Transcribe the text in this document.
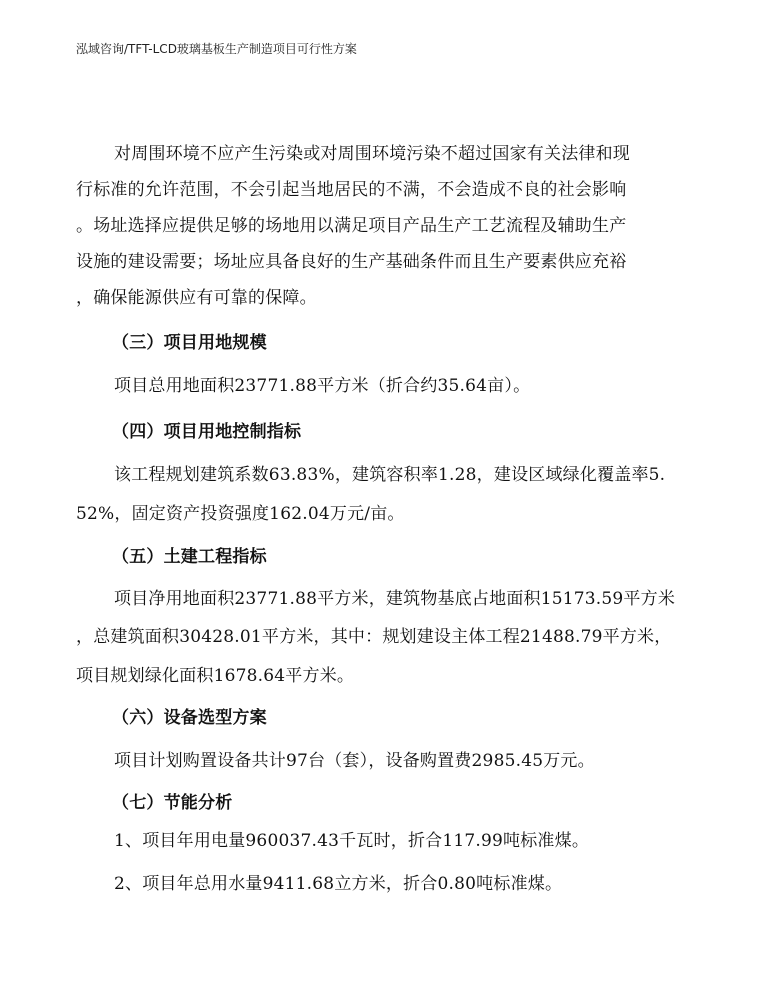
泓域咨询/TFT-LCD玻璃基板生产制造项目可行性方案
对周围环境不应产生污染或对周围环境污染不超过国家有关法律和现
行标准的允许范围，不会引起当地居民的不满，不会造成不良的社会影响
。场址选择应提供足够的场地用以满足项目产品生产工艺流程及辅助生产
设施的建设需要；场址应具备良好的生产基础条件而且生产要素供应充裕
，确保能源供应有可靠的保障。
（三）项目用地规模
项目总用地面积23771.88平方米（折合约35.64亩）。
（四）项目用地控制指标
该工程规划建筑系数63.83%，建筑容积率1.28，建设区域绿化覆盖率5.
52%，固定资产投资强度162.04万元/亩。
（五）土建工程指标
项目净用地面积23771.88平方米，建筑物基底占地面积15173.59平方米
，总建筑面积30428.01平方米，其中：规划建设主体工程21488.79平方米，
项目规划绿化面积1678.64平方米。
（六）设备选型方案
项目计划购置设备共计97台（套），设备购置费2985.45万元。
（七）节能分析
1、项目年用电量960037.43千瓦时，折合117.99吨标准煤。
2、项目年总用水量9411.68立方米，折合0.80吨标准煤。
